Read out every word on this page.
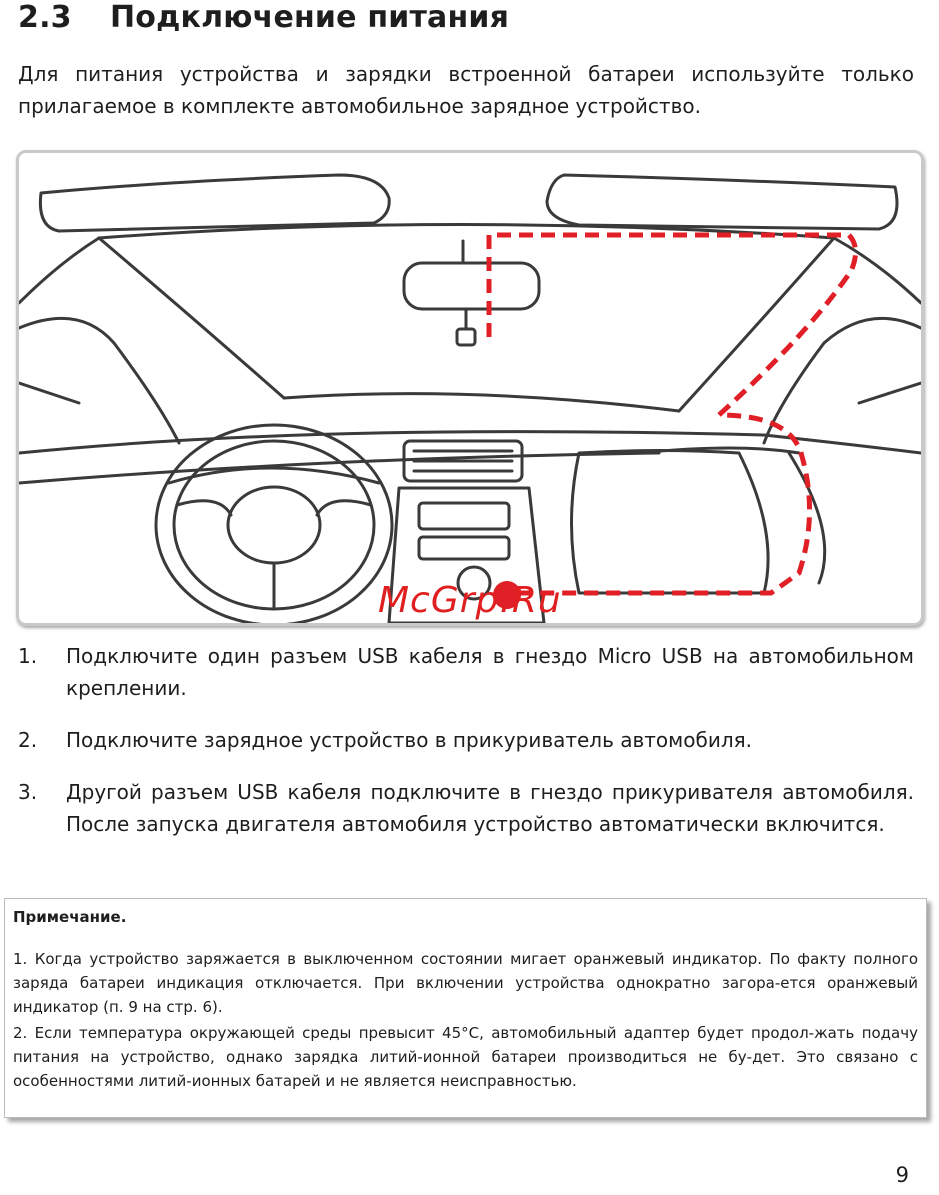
2.3 Подключение питания

Для питания устройства и зарядки встроенной батареи используйте только прилагаемое в комплекте автомобильное зарядное устройство.

McGrp.Ru
1. Подключите один разъем USB кабеля в гнездо Micro USB на автомобильном креплении.
2. Подключите зарядное устройство в прикуриватель автомобиля.
3. Другой разъем USB кабеля подключите в гнездо прикуривателя автомобиля. После запуска двигателя автомобиля устройство автоматически включится.
Примечание.

1. Когда устройство заряжается в выключенном состоянии мигает оранжевый индикатор. По факту полного заряда батареи индикация отключается. При включении устройства однократно загора-ется оранжевый индикатор (п. 9 на стр. 6).

2. Если температура окружающей среды превысит 45°С, автомобильный адаптер будет продол-жать подачу питания на устройство, однако зарядка литий-ионной батареи производиться не бу-дет. Это связано с особенностями литий-ионных батарей и не является неисправностью.

9
